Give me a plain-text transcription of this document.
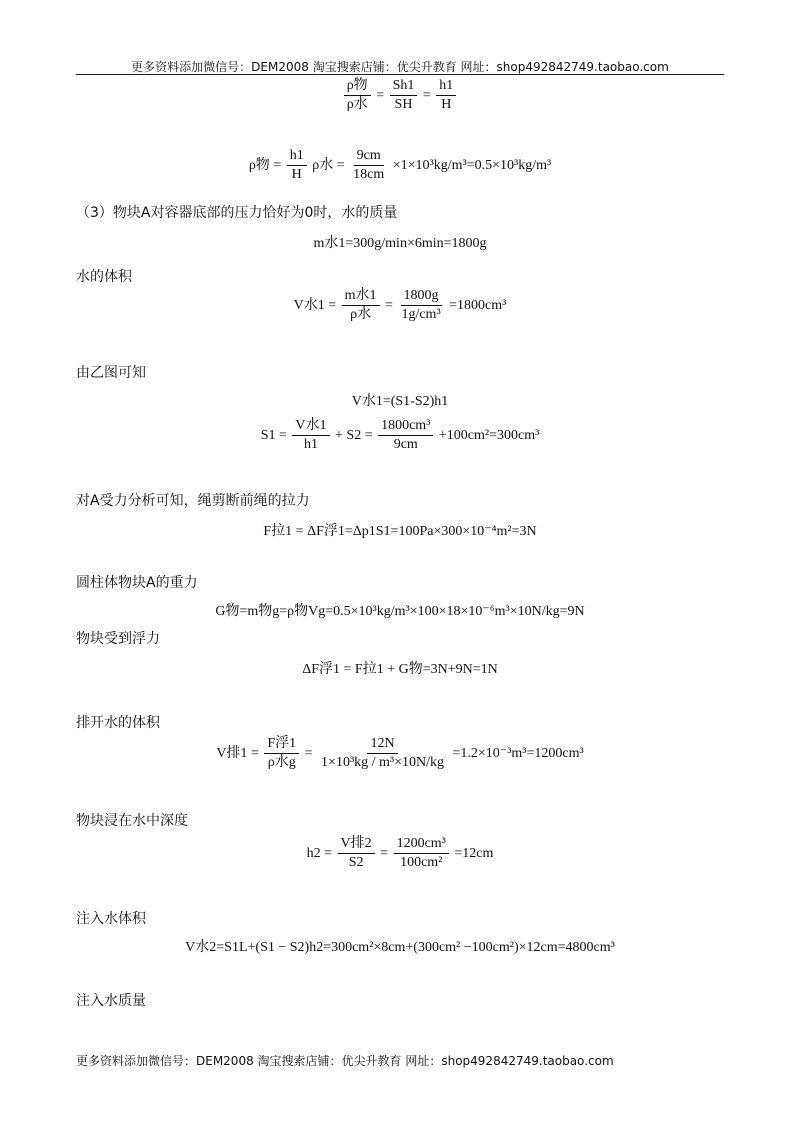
更多资料添加微信号：DEM2008 淘宝搜索店铺：优尖升教育 网址：shop492842749.taobao.com
$\frac{\text{ρ物}}{\text{ρ水}} = \frac{Sh1}{SH} = \frac{h1}{H}$
ρ物 = $\frac{h1}{H}$ ρ水 = $\frac{9cm}{18cm} \times 1\times 10^3kg/m^3=0.5\times 10^3kg/m^3$
（3）物块A对容器底部的压力恰好为0时，水的质量
m水1=300g/min×6min=1800g
水的体积
V水$1 = \frac{\text{m水1}}{\text{ρ水}} = \frac{1800g}{\text{1g/cm³}} =1800cm^3$
由乙图可知
V水1=(S1-S2)h1
$S1 = \frac{\text{V水1}}{h1} + S2 = \frac{\text{1800cm³}}{9cm} +100cm^2=300cm^3$
对A受力分析可知，绳剪断前绳的拉力
F拉1 = ΔF浮1=Δp1S1=100Pa×300×10⁻⁴m²=3N
圆柱体物块A的重力
G物=m物g=ρ物Vg=0.5×10³kg/m³×100×18×10⁻⁶m³×10N/kg=9N
物块受到浮力
ΔF浮1 = F拉1 + G物=3N+9N=1N
排开水的体积
V排$1 = \frac{\text{F浮1}}{\text{ρ水g}} = \frac{12N}{\text{1×10³kg / m³×10N/kg}} =1.2\times 10^{-3}m^3=1200cm^3$
物块浸在水中深度
$h2 = \frac{\text{V排2}}{S2} = \frac{\text{1200cm³}}{\text{100cm²}} =12cm$
注入水体积
V水2=S1L+(S1 − S2)h2=300cm²×8cm+(300cm² −100cm²)×12cm=4800cm³
注入水质量
更多资料添加微信号：DEM2008 淘宝搜索店铺：优尖升教育 网址：shop492842749.taobao.com
